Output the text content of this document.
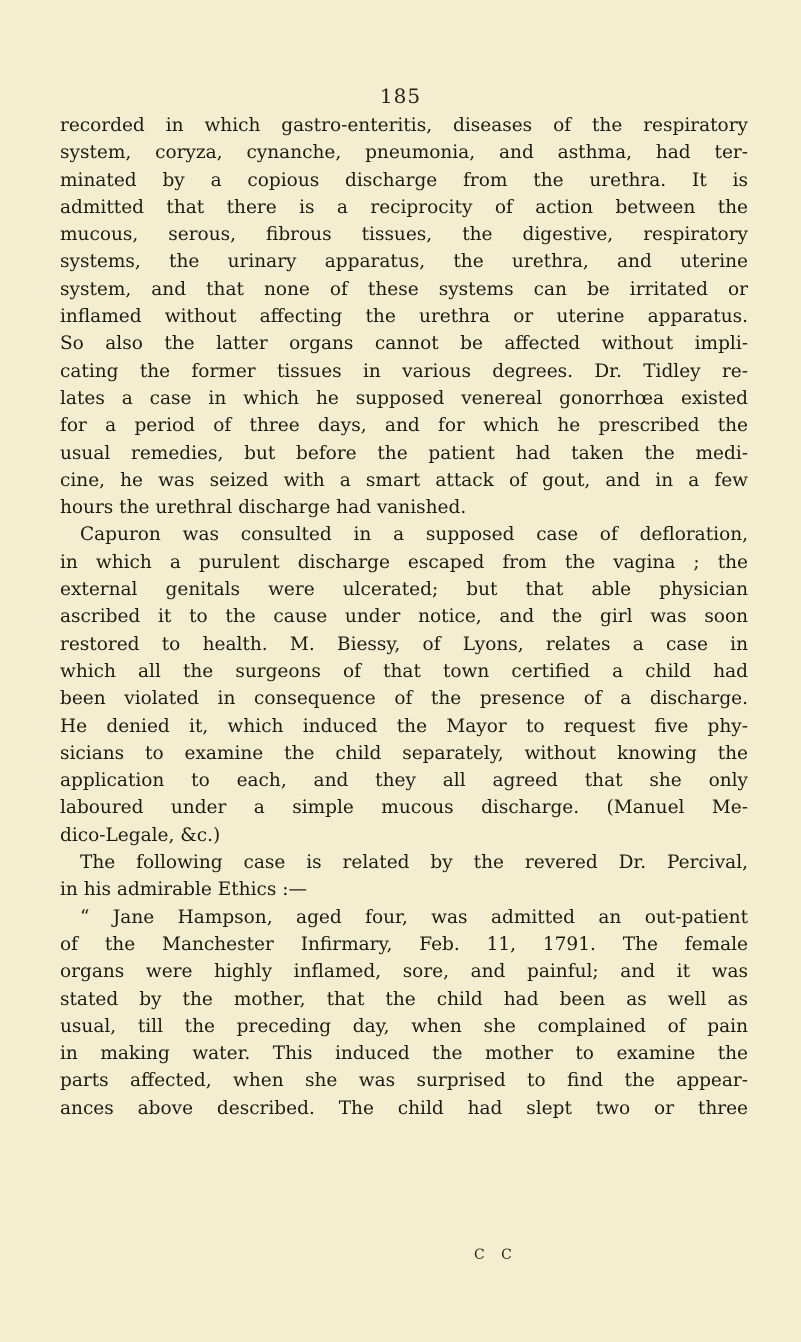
185
recorded in which gastro-enteritis, diseases of the respiratory
system, coryza, cynanche, pneumonia, and asthma, had ter-
minated by a copious discharge from the urethra. It is
admitted that there is a reciprocity of action between the
mucous, serous, fibrous tissues, the digestive, respiratory
systems, the urinary apparatus, the urethra, and uterine
system, and that none of these systems can be irritated or
inflamed without affecting the urethra or uterine apparatus.
So also the latter organs cannot be affected without impli-
cating the former tissues in various degrees. Dr. Tidley re-
lates a case in which he supposed venereal gonorrhœa existed
for a period of three days, and for which he prescribed the
usual remedies, but before the patient had taken the medi-
cine, he was seized with a smart attack of gout, and in a few
hours the urethral discharge had vanished.
Capuron was consulted in a supposed case of defloration,
in which a purulent discharge escaped from the vagina ; the
external genitals were ulcerated; but that able physician
ascribed it to the cause under notice, and the girl was soon
restored to health. M. Biessy, of Lyons, relates a case in
which all the surgeons of that town certified a child had
been violated in consequence of the presence of a discharge.
He denied it, which induced the Mayor to request five phy-
sicians to examine the child separately, without knowing the
application to each, and they all agreed that she only
laboured under a simple mucous discharge. (Manuel Me-
dico-Legale, &c.)
The following case is related by the revered Dr. Percival,
in his admirable Ethics :—
“ Jane Hampson, aged four, was admitted an out-patient
of the Manchester Infirmary, Feb. 11, 1791. The female
organs were highly inflamed, sore, and painful; and it was
stated by the mother, that the child had been as well as
usual, till the preceding day, when she complained of pain
in making water. This induced the mother to examine the
parts affected, when she was surprised to find the appear-
ances above described. The child had slept two or three
C C
